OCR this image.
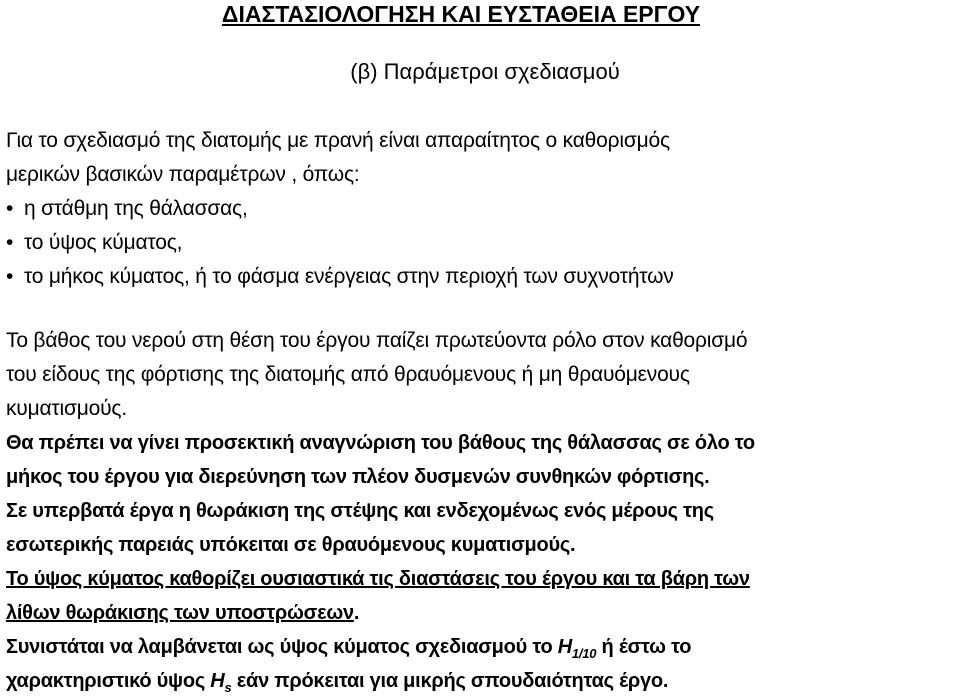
ΔΙΑΣΤΑΣΙΟΛΟΓΗΣΗ ΚΑΙ ΕΥΣΤΑΘΕΙΑ ΕΡΓΟΥ
(β) Παράμετροι σχεδιασμού
Για το σχεδιασμό της διατομής με πρανή είναι απαραίτητος ο καθορισμός
μερικών βασικών παραμέτρων , όπως:
• η στάθμη της θάλασσας,
• το ύψος κύματος,
• το μήκος κύματος, ή το φάσμα ενέργειας στην περιοχή των συχνοτήτων
Το βάθος του νερού στη θέση του έργου παίζει πρωτεύοντα ρόλο στον καθορισμό
του είδους της φόρτισης της διατομής από θραυόμενους ή μη θραυόμενους
κυματισμούς.
Θα πρέπει να γίνει προσεκτική αναγνώριση του βάθους της θάλασσας σε όλο το
μήκος του έργου για διερεύνηση των πλέον δυσμενών συνθηκών φόρτισης.
Σε υπερβατά έργα η θωράκιση της στέψης και ενδεχομένως ενός μέρους της
εσωτερικής παρειάς υπόκειται σε θραυόμενους κυματισμούς.
Το ύψος κύματος καθορίζει ουσιαστικά τις διαστάσεις του έργου και τα βάρη των
λίθων θωράκισης των υποστρώσεων.
Συνιστάται να λαμβάνεται ως ύψος κύματος σχεδιασμού το $H_{1/10}$ ή έστω το
χαρακτηριστικό ύψος $H_s$ εάν πρόκειται για μικρής σπουδαιότητας έργο.
